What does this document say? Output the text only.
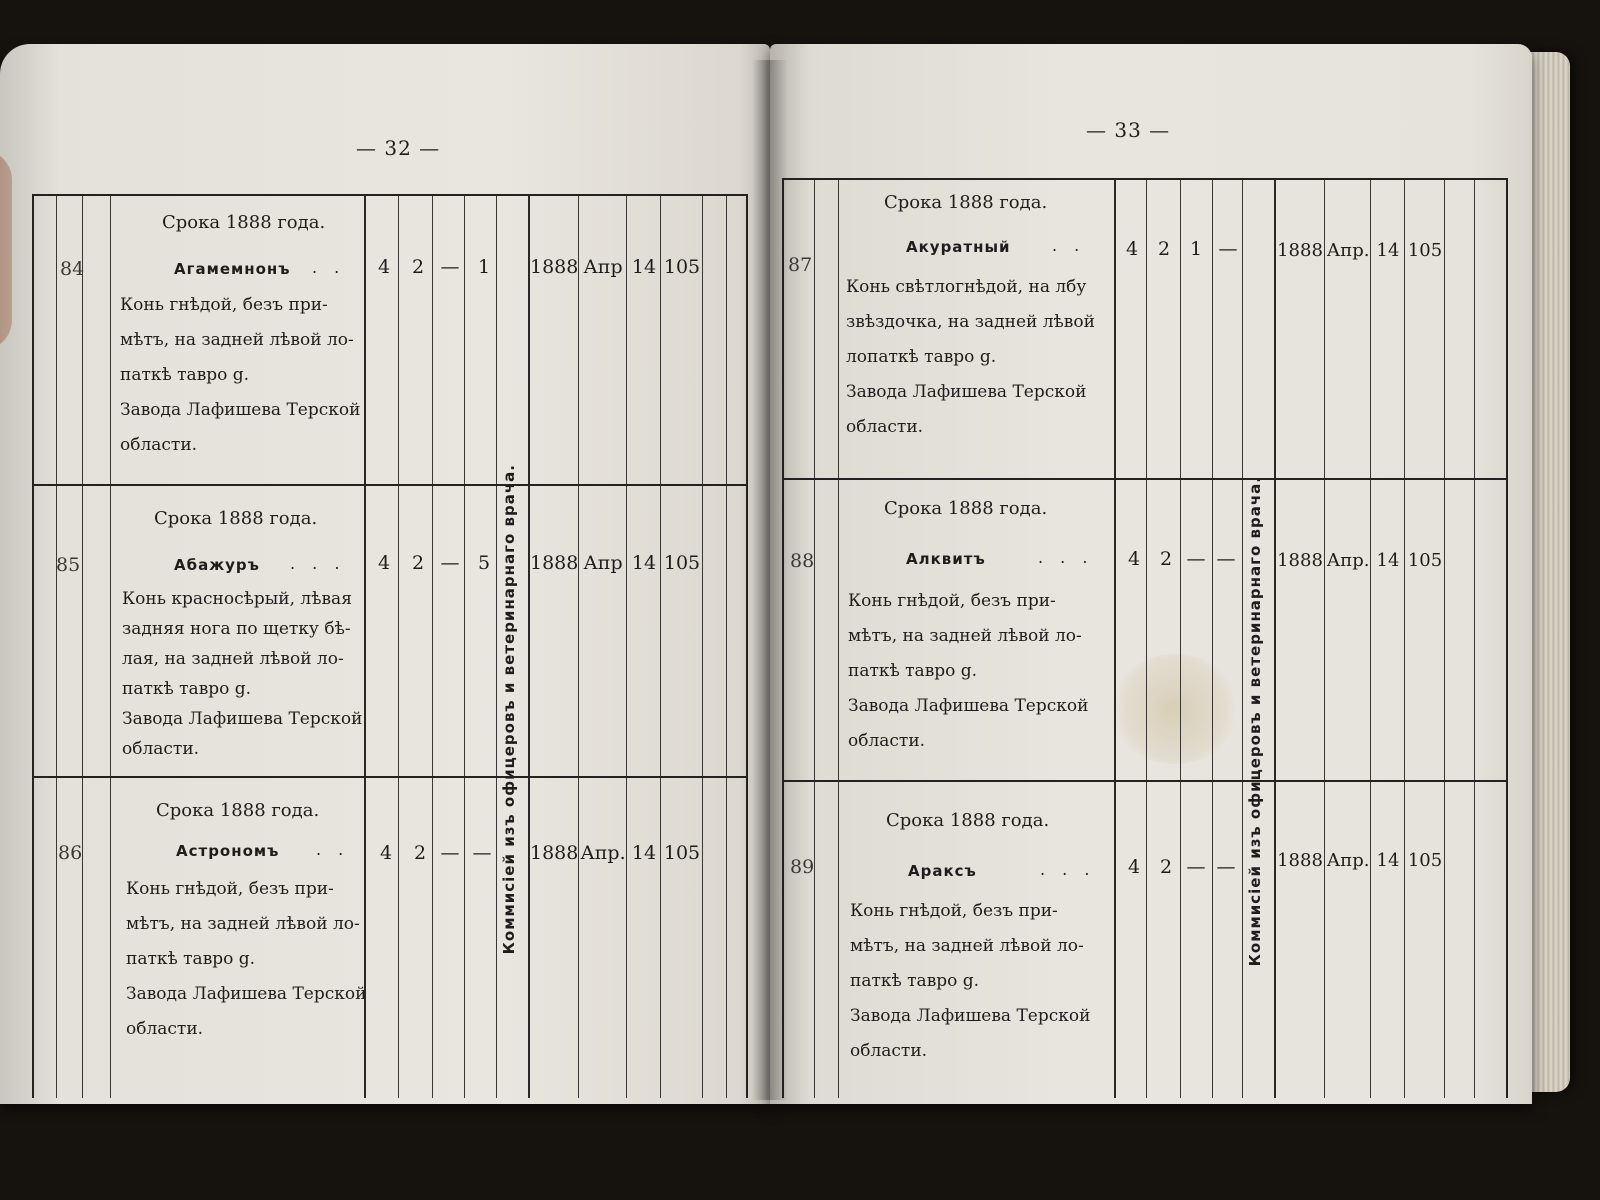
— 32 —
Коммисiей изъ офицеровъ и ветеринарнаго врача.
84
Срока 1888 года.
Агамемнонъ . .
Конь гнѣдой, безъ при-
мѣтъ, на задней лѣвой ло-
паткѣ тавро g.
Завода Лафишева Терской
области.
4	2 — 1	1888 Апр 14 105
85
Срока 1888 года.
Абажуръ . . .
Конь красносѣрый, лѣвая
задняя нога по щетку бѣ-
лая, на задней лѣвой ло-
паткѣ тавро g.
Завода Лафишева Терской
области.
4	2 — 5	1888 Апр 14 105
86
Срока 1888 года.
Астрономъ . .
Конь гнѣдой, безъ при-
мѣтъ, на задней лѣвой ло-
паткѣ тавро g.
Завода Лафишева Терской
области.
4	2 — — 1888 Апр. 14 105
— 33 —
Коммисiей изъ офицеровъ и ветеринарнаго врача.
87
Срока 1888 года.
Акуратный	. .
Конь свѣтлогнѣдой, на лбу
звѣздочка, на задней лѣвой
лопаткѣ тавро g.
Завода Лафишева Терской
области.
4	2	1 — 1888 Апр. 14 105
88
Срока 1888 года.
Алквитъ	. . .
Конь гнѣдой, безъ при-
мѣтъ, на задней лѣвой ло-
паткѣ тавро g.
Завода Лафишева Терской
области.
4	2 — — 1888 Апр. 14 105
89
Срока 1888 года.
Араксъ	. . .
Конь гнѣдой, безъ при-
мѣтъ, на задней лѣвой ло-
паткѣ тавро g.
Завода Лафишева Терской
области.
4	2 — — 1888 Апр. 14 105
